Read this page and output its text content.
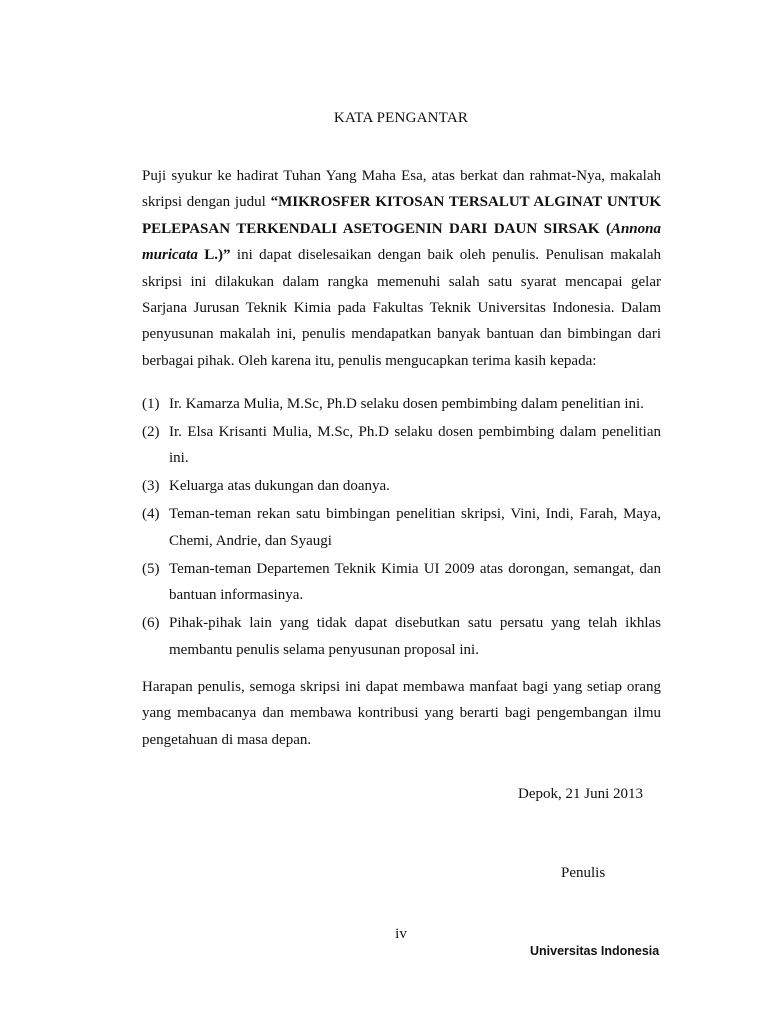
KATA PENGANTAR

Puji syukur ke hadirat Tuhan Yang Maha Esa, atas berkat dan rahmat-Nya, makalah skripsi dengan judul “MIKROSFER KITOSAN TERSALUT ALGINAT UNTUK PELEPASAN TERKENDALI ASETOGENIN DARI DAUN SIRSAK (Annona muricata L.)” ini dapat diselesaikan dengan baik oleh penulis. Penulisan makalah skripsi ini dilakukan dalam rangka memenuhi salah satu syarat mencapai gelar Sarjana Jurusan Teknik Kimia pada Fakultas Teknik Universitas Indonesia. Dalam penyusunan makalah ini, penulis mendapatkan banyak bantuan dan bimbingan dari berbagai pihak. Oleh karena itu, penulis mengucapkan terima kasih kepada:

(1) Ir. Kamarza Mulia, M.Sc, Ph.D selaku dosen pembimbing dalam penelitian ini.
(2) Ir. Elsa Krisanti Mulia, M.Sc, Ph.D selaku dosen pembimbing dalam penelitian ini.
(3) Keluarga atas dukungan dan doanya.
(4) Teman-teman rekan satu bimbingan penelitian skripsi, Vini, Indi, Farah, Maya, Chemi, Andrie, dan Syaugi
(5) Teman-teman Departemen Teknik Kimia UI 2009 atas dorongan, semangat, dan bantuan informasinya.
(6) Pihak-pihak lain yang tidak dapat disebutkan satu persatu yang telah ikhlas membantu penulis selama penyusunan proposal ini.

Harapan penulis, semoga skripsi ini dapat membawa manfaat bagi yang setiap orang yang membacanya dan membawa kontribusi yang berarti bagi pengembangan ilmu pengetahuan di masa depan.

Depok, 21 Juni 2013
Penulis
iv
Universitas Indonesia
